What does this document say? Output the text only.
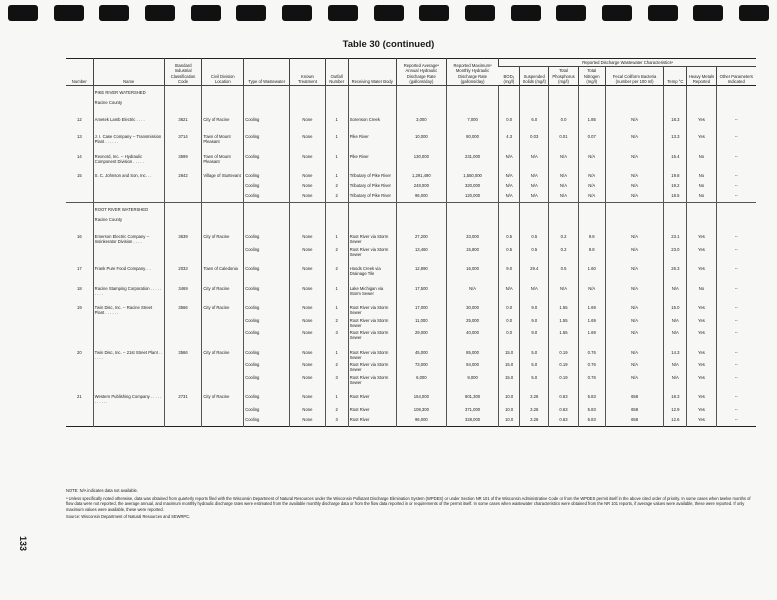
Table 30 (continued)
Number	Name	Standard Industrial Classification Code	Civil Division Location	Type of Wastewater	Known Treatment	Outfall Number	Receiving Water Body	Reported Averageᵃ Annual Hydraulic Discharge Rate (gallons/day)	Reported Maximumᵃ Monthly Hydraulic Discharge Rate (gallons/day)	Reported Discharge Wastewater Characteristicsᵃ							
										BOD₅ (mg/l)	Suspended Solids (mg/l)	Total Phosphorus (mg/l)	Total Nitrogen (mg/l)	Fecal Coliform Bacteria (number per 100 ml)	Temp °C	Heavy Metals Reported	Other Parameters Indicated
	PIKE RIVER WATERSHED																
	Racine County																

12	Ametek Lamb Electric . . . .	3621	City of Racine	Cooling	None	1	Sorenson Creek	3,000	7,000	0.0	6.0	0.0	1.85	N/A	18.3	Yes	--

13	J. I. Case Company -- Transmission Plant . . . . . .	3714	Town of Mount Pleasant	Cooling	None	1	Pike River	10,000	80,000	4.3	0.03	0.01	0.07	N/A	13.3	Yes	--

14	Rexnord, Inc. -- Hydraulic Component Division . . . . .	3599	Town of Mount Pleasant	Cooling	None	1	Pike River	130,000	231,000	N/A	N/A	N/A	N/A	N/A	15.4	No	--

15	S. C. Johnson and Son, Inc. . .	2842	Village of Sturtevant	Cooling	None	1	Tributary of Pike River	1,291,490	1,550,000	N/A	N/A	N/A	N/A	N/A	19.8	No	--
				Cooling	None	2	Tributary of Pike River	248,000	320,000	N/A	N/A	N/A	N/A	N/A	19.2	No	--
				Cooling	None	2	Tributary of Pike River	96,000	120,000	N/A	N/A	N/A	N/A	N/A	18.5	No	--
	ROOT RIVER WATERSHED																
	Racine County																

16	Emerson Electric Company -- Insinkerator Division . . . .	3639	City of Racine	Cooling	None	1	Root River via Storm Sewer	27,200	33,000	0.5	0.5	0.2	9.8	N/A	23.1	Yes	--
				Cooling	None	2	Root River via Storm Sewer	13,460	15,800	0.5	0.5	0.2	9.8	N/A	23.0	Yes	--

17	Frank Pure Food Company. . .	2033	Town of Caledonia	Cooling	None	2	Hoods Creek via Drainage Tile	12,890	16,000	9.0	29.4	0.5	1.60	N/A	26.3	Yes	--

18	Racine Stamping Corporation . . . . . . . . .	3469	City of Racine	Cooling	None	1	Lake Michigan via Storm Sewer	17,500	N/A	N/A	N/A	N/A	N/A	N/A	N/A	No	--

19	Twin Disc, Inc. -- Racine Street Plant . . . . . .	3566	City of Racine	Cooling	None	1	Root River via Storm Sewer	17,000	30,000	0.0	9.0	1.55	1.69	N/A	15.0	Yes	--
				Cooling	None	2	Root River via Storm Sewer	11,000	25,000	0.0	9.0	1.55	1.69	N/A	N/A	Yes	--
				Cooling	None	3	Root River via Storm Sewer	29,000	40,000	0.0	9.0	1.55	1.69	N/A	N/A	Yes	--

20	Twin Disc, Inc. -- 21st Street Plant . . . . . .	3566	City of Racine	Cooling	None	1	Root River via Storm Sewer	45,000	85,000	15.0	5.0	0.19	0.76	N/A	14.3	Yes	--
				Cooling	None	2	Root River via Storm Sewer	73,000	94,000	15.0	5.0	0.19	0.76	N/A	N/A	Yes	--
				Cooling	None	3	Root River via Storm Sewer	6,000	9,000	15.0	5.0	0.19	0.76	N/A	N/A	Yes	--

21	Western Publishing Company . . . . . . . . . . .	2731	City of Racine	Cooling	None	1	Root River	154,000	801,300	10.0	3.26	0.63	5.83	658	18.3	Yes	--
				Cooling	None	2	Root River	108,300	371,000	10.0	3.26	0.63	5.83	658	12.9	Yes	--
				Cooling	None	3	Root River	96,000	328,000	10.0	3.26	0.63	5.83	658	12.6	Yes	--

NOTE: N/A indicates data not available.

ᵃ Unless specifically noted otherwise, data was obtained from quarterly reports filed with the Wisconsin Department of Natural Resources under the Wisconsin Pollutant Discharge Elimination System (WPDES) or under Section NR 101 of the Wisconsin Administrative Code or from the WPDES permit itself in the above cited order of priority. In some cases when twelve months of flow data were not reported, the average annual, and maximum monthly hydraulic discharge rates were estimated from the available monthly discharge data or from the flow data reported in or requirements of the permit itself. In some cases when wastewater characteristics were obtained from the NR 101 reports, if average values were available, these were reported. If only maximum values were available, these were reported.

Source: Wisconsin Department of Natural Resources and SEWRPC.

133
